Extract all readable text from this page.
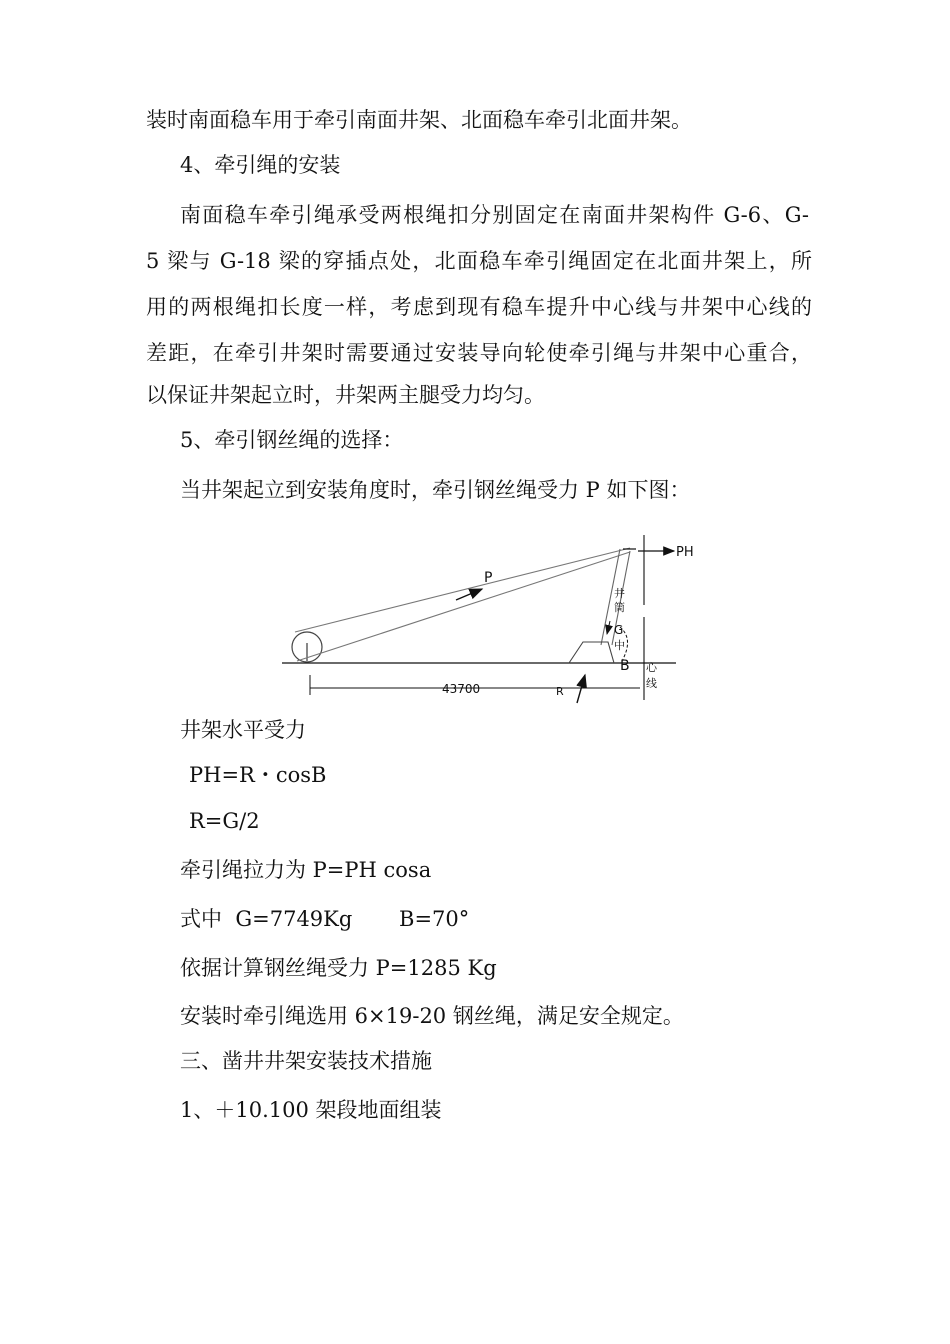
装时南面稳车用于牵引南面井架、北面稳车牵引北面井架。
4、牵引绳的安装
南面稳车牵引绳承受两根绳扣分别固定在南面井架构件 G-6、G-
5 梁与 G-18 梁的穿插点处，北面稳车牵引绳固定在北面井架上，所
用的两根绳扣长度一样，考虑到现有稳车提升中心线与井架中心线的
差距，在牵引井架时需要通过安装导向轮使牵引绳与井架中心重合，
以保证井架起立时，井架两主腿受力均匀。
5、牵引钢丝绳的选择：
当井架起立到安装角度时，牵引钢丝绳受力 P 如下图：
PH
P
井
筒
G
中
B 心
线
43700	R
井架水平受力
PH=R・cosB
R=G/2
牵引绳拉力为 P=PH cosa
式中  G=7749Kg       B=70°
依据计算钢丝绳受力 P=1285 Kg
安装时牵引绳选用 6×19-20 钢丝绳，满足安全规定。
三、凿井井架安装技术措施
1、＋10.100 架段地面组装
